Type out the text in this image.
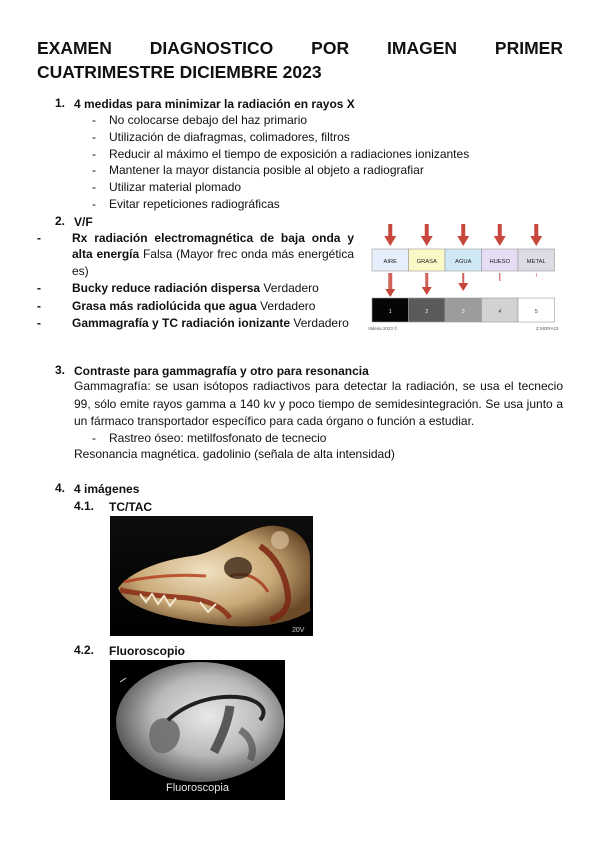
EXAMEN DIAGNOSTICO POR IMAGEN PRIMER
CUATRIMESTRE DICIEMBRE 2023
1. 4 medidas para minimizar la radiación en rayos X
- No colocarse debajo del haz primario
- Utilización de diafragmas, colimadores, filtros
- Reducir al máximo el tiempo de exposición a radiaciones ionizantes
- Mantener la mayor distancia posible al objeto a radiografiar
- Utilizar material plomado
- Evitar repeticiones radiográficas
2. V/F
- Rx radiación electromagnética de baja onda y alta energía Falsa (Mayor frec onda más energética es)
- Bucky reduce radiación dispersa Verdadero
- Grasa más radiolúcida que agua Verdadero
- Gammagrafía y TC radiación ionizante Verdadero
AIRE	GRASA	AGUA	HUESO	METAL
1	2	3	4	5
Valeria 2023 ©	Z.MORA23
3. Contraste para gammagrafía y otro para resonancia
Gammagrafía: se usan isótopos radiactivos para detectar la radiación, se usa el tecnecio 99, sólo emite rayos gamma a 140 kv y poco tiempo de semidesintegración. Se usa junto a un fármaco transportador específico para cada órgano o función a estudiar.
- Rastreo óseo: metilfosfonato de tecnecio
Resonancia magnética. gadolinio (señala de alta intensidad)
4. 4 imágenes
4.1. TC/TAC
20V
4.2. Fluoroscopio
Fluoroscopia
